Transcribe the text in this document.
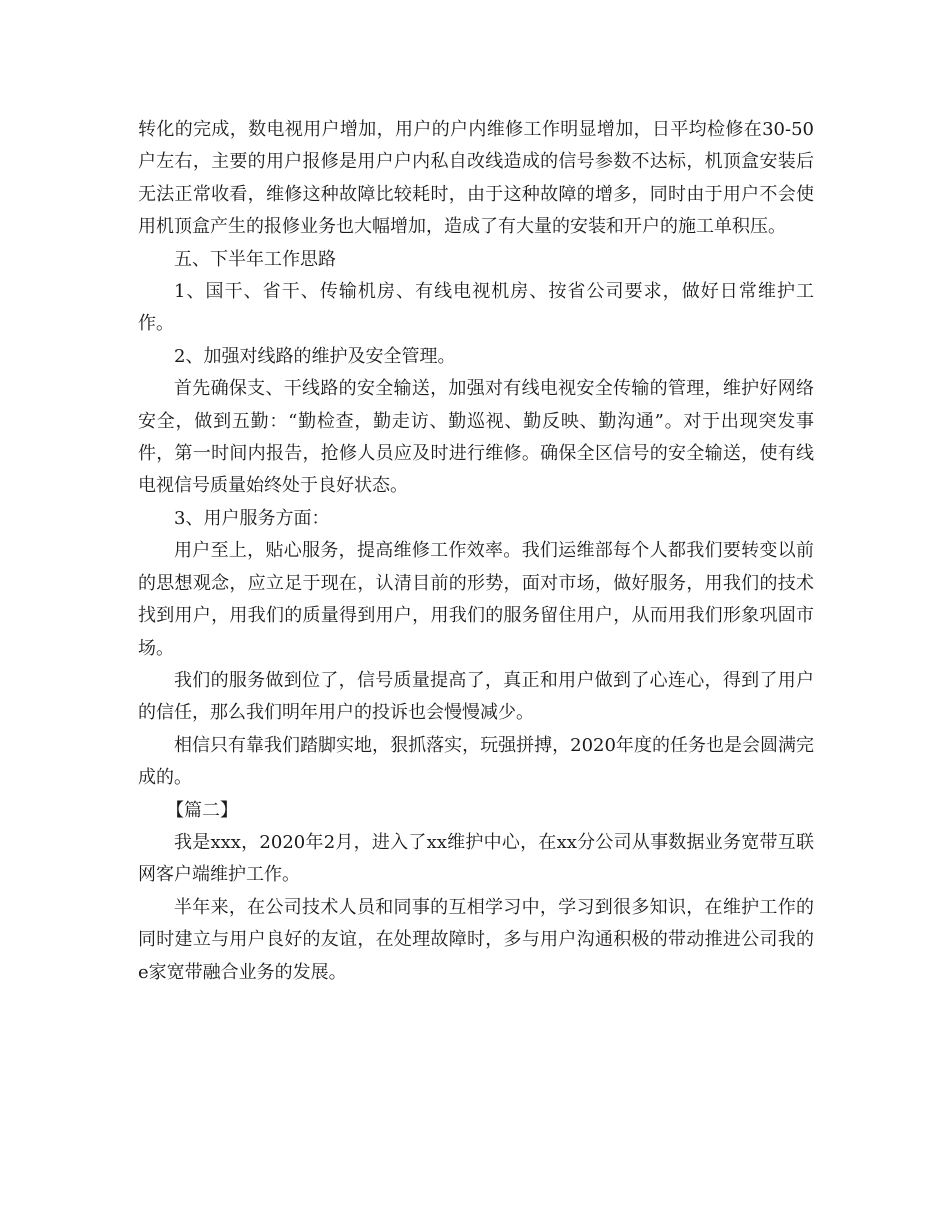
转化的完成，数电视用户增加，用户的户内维修工作明显增加，日平均检修在30-50户左右，主要的用户报修是用户户内私自改线造成的信号参数不达标，机顶盒安装后无法正常收看，维修这种故障比较耗时，由于这种故障的增多，同时由于用户不会使用机顶盒产生的报修业务也大幅增加，造成了有大量的安装和开户的施工单积压。

五、下半年工作思路

1、国干、省干、传输机房、有线电视机房、按省公司要求，做好日常维护工作。

2、加强对线路的维护及安全管理。

首先确保支、干线路的安全输送，加强对有线电视安全传输的管理，维护好网络安全，做到五勤：“勤检查，勤走访、勤巡视、勤反映、勤沟通”。对于出现突发事件，第一时间内报告，抢修人员应及时进行维修。确保全区信号的安全输送，使有线电视信号质量始终处于良好状态。

3、用户服务方面：

用户至上，贴心服务，提高维修工作效率。我们运维部每个人都我们要转变以前的思想观念，应立足于现在，认清目前的形势，面对市场，做好服务，用我们的技术找到用户，用我们的质量得到用户，用我们的服务留住用户，从而用我们形象巩固市场。

我们的服务做到位了，信号质量提高了，真正和用户做到了心连心，得到了用户的信任，那么我们明年用户的投诉也会慢慢减少。

相信只有靠我们踏脚实地，狠抓落实，玩强拼搏，2020年度的任务也是会圆满完成的。

【篇二】

我是xxx，2020年2月，进入了xx维护中心，在xx分公司从事数据业务宽带互联网客户端维护工作。

半年来，在公司技术人员和同事的互相学习中，学习到很多知识，在维护工作的同时建立与用户良好的友谊，在处理故障时，多与用户沟通积极的带动推进公司我的e家宽带融合业务的发展。
